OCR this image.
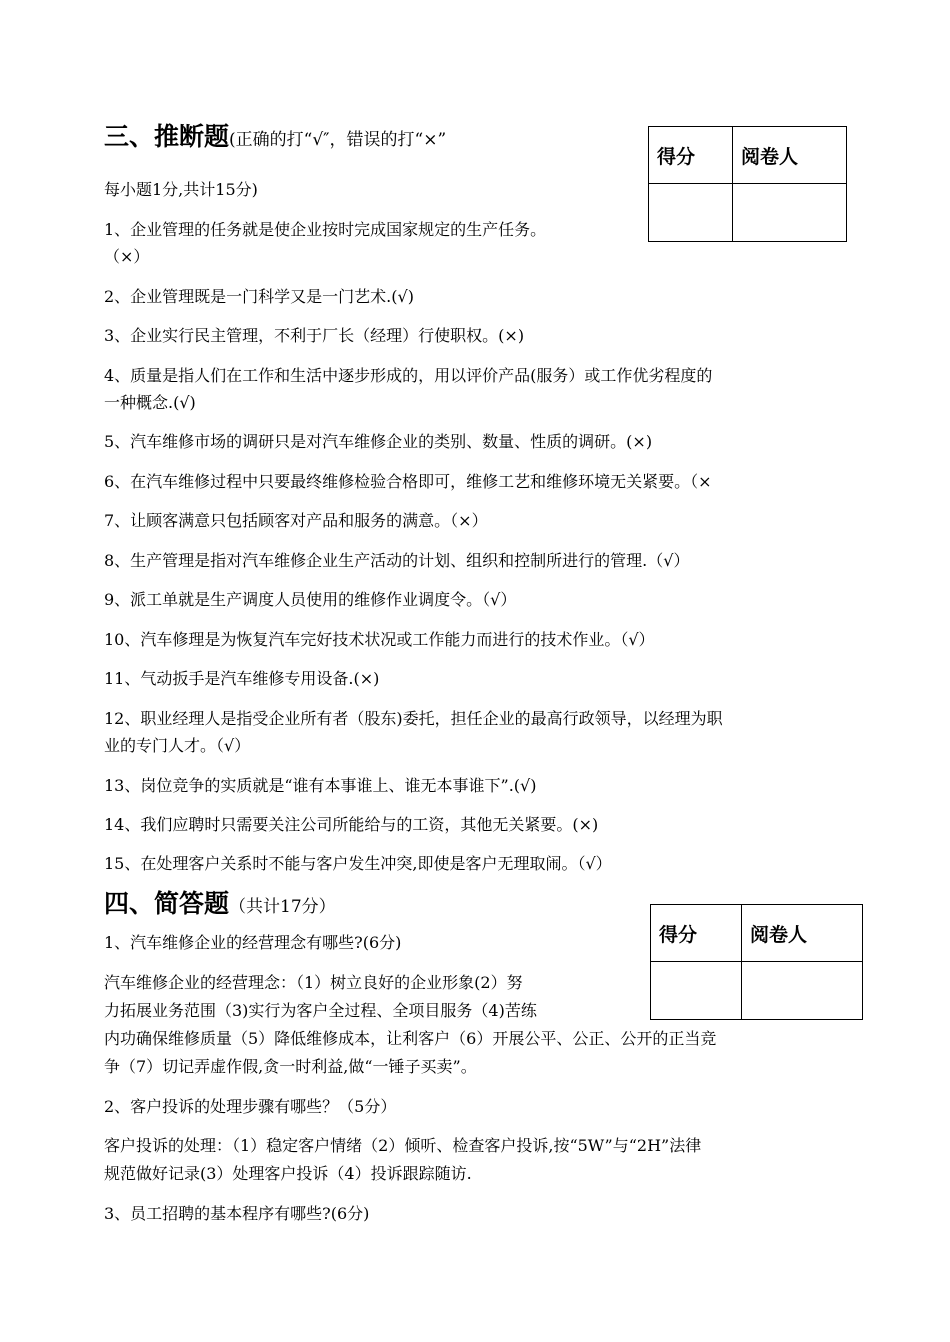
三、推断题(正确的打“√″，错误的打“×”
得分	阅卷人

每小题1分,共计15分)
1、企业管理的任务就是使企业按时完成国家规定的生产任务。
（×）
2、企业管理既是一门科学又是一门艺术.(√)
3、企业实行民主管理，不利于厂长（经理）行使职权。(×)
4、质量是指人们在工作和生活中逐步形成的，用以评价产品(服务）或工作优劣程度的
一种概念.(√)
5、汽车维修市场的调研只是对汽车维修企业的类别、数量、性质的调研。(×)
6、在汽车维修过程中只要最终维修检验合格即可，维修工艺和维修环境无关紧要。（×
7、让顾客满意只包括顾客对产品和服务的满意。（×）
8、生产管理是指对汽车维修企业生产活动的计划、组织和控制所进行的管理.（√）
9、派工单就是生产调度人员使用的维修作业调度令。（√）
10、汽车修理是为恢复汽车完好技术状况或工作能力而进行的技术作业。（√）
11、气动扳手是汽车维修专用设备.(×)
12、职业经理人是指受企业所有者（股东)委托，担任企业的最高行政领导，以经理为职
业的专门人才。（√）
13、岗位竞争的实质就是“谁有本事谁上、谁无本事谁下”.(√)
14、我们应聘时只需要关注公司所能给与的工资，其他无关紧要。(×)
15、在处理客户关系时不能与客户发生冲突,即使是客户无理取闹。（√）
四、简答题（共计17分）
得分	阅卷人

1、汽车维修企业的经营理念有哪些?(6分)
汽车维修企业的经营理念：（1）树立良好的企业形象(2）努
力拓展业务范围（3)实行为客户全过程、全项目服务（4)苦练
内功确保维修质量（5）降低维修成本，让利客户（6）开展公平、公正、公开的正当竞
争（7）切记弄虚作假,贪一时利益,做“一锤子买卖”。
2、客户投诉的处理步骤有哪些？（5分）
客户投诉的处理：（1）稳定客户情绪（2）倾听、检查客户投诉,按“5W”与“2H”法律
规范做好记录(3）处理客户投诉（4）投诉跟踪随访.
3、员工招聘的基本程序有哪些?(6分)
